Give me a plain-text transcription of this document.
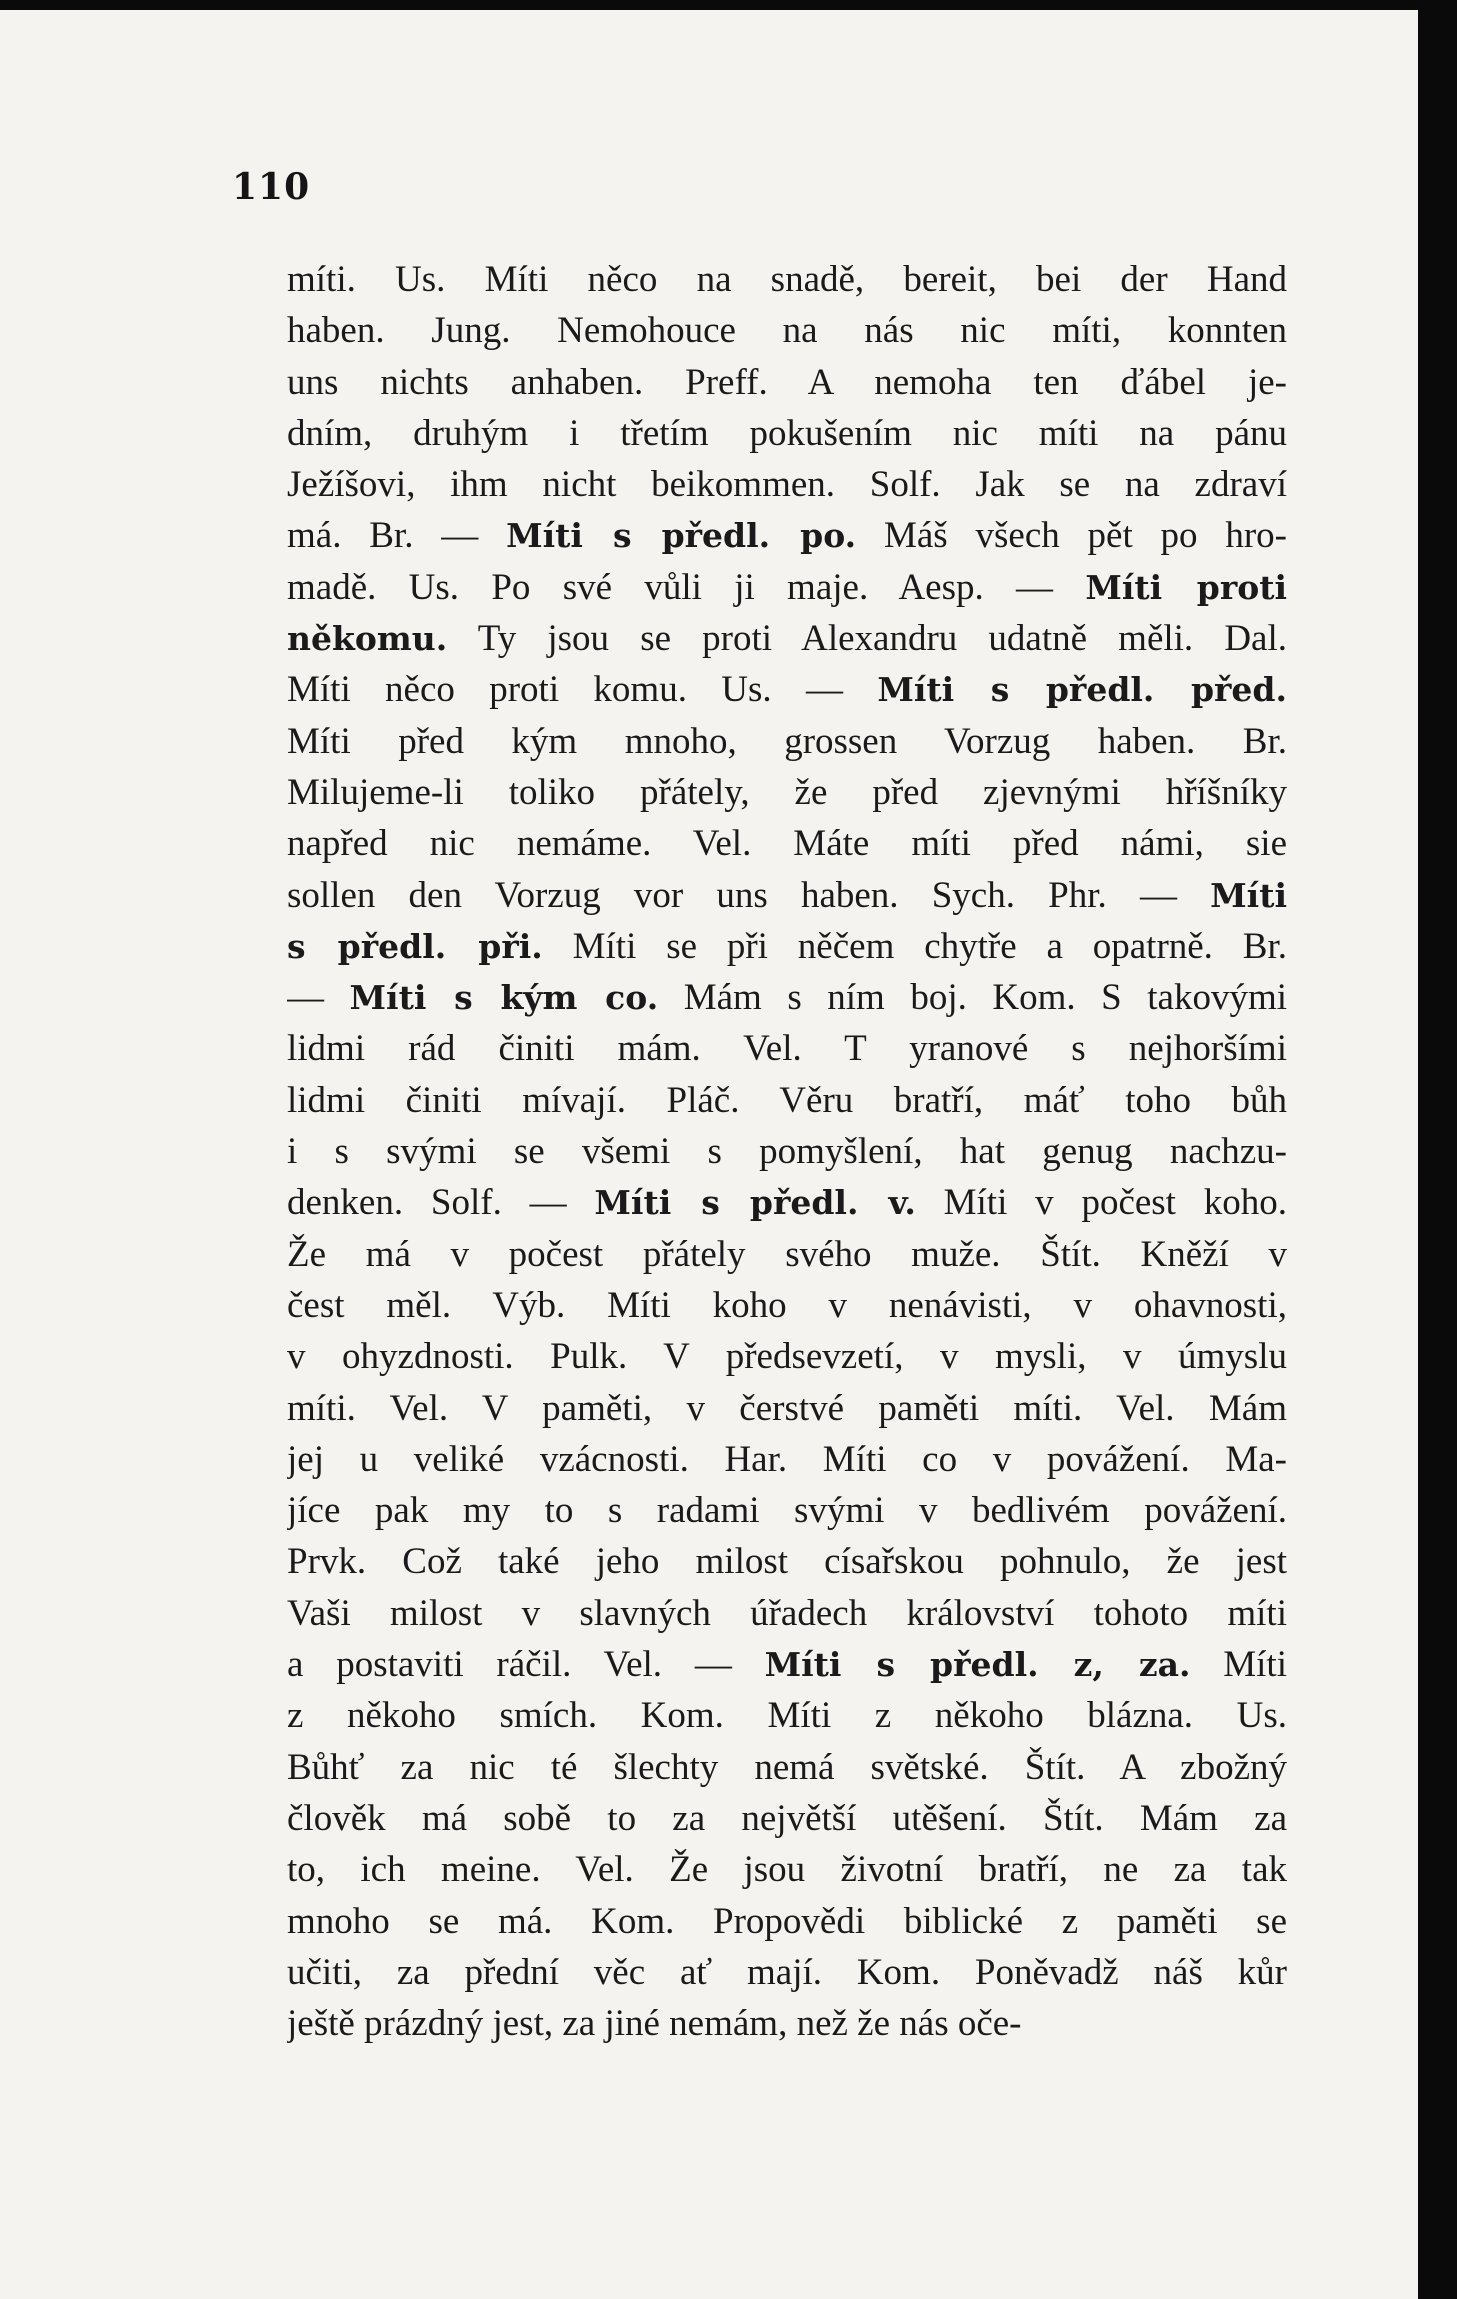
110
míti. Us. Míti něco na snadě, bereit, bei der Hand
haben. Jung. Nemohouce na nás nic míti, konnten
uns nichts anhaben. Preff. A nemoha ten ďábel je-
dním, druhým i třetím pokušením nic míti na pánu
Ježíšovi, ihm nicht beikommen. Solf. Jak se na zdraví
má. Br. — Míti s předl. po. Máš všech pět po hro-
madě. Us. Po své vůli ji maje. Aesp. — Míti proti
někomu. Ty jsou se proti Alexandru udatně měli. Dal.
Míti něco proti komu. Us. — Míti s předl. před.
Míti před kým mnoho, grossen Vorzug haben. Br.
Milujeme-li toliko přátely, že před zjevnými hříšníky
napřed nic nemáme. Vel. Máte míti před námi, sie
sollen den Vorzug vor uns haben. Sych. Phr. — Míti
s předl. při. Míti se při něčem chytře a opatrně. Br.
— Míti s kým co. Mám s ním boj. Kom. S takovými
lidmi rád činiti mám. Vel. T yranové s nejhoršími
lidmi činiti mívají. Pláč. Věru bratří, máť toho bůh
i s svými se všemi s pomyšlení, hat genug nachzu-
denken. Solf. — Míti s předl. v. Míti v počest koho.
Že má v počest přátely svého muže. Štít. Kněží v
čest měl. Výb. Míti koho v nenávisti, v ohavnosti,
v ohyzdnosti. Pulk. V předsevzetí, v mysli, v úmyslu
míti. Vel. V paměti, v čerstvé paměti míti. Vel. Mám
jej u veliké vzácnosti. Har. Míti co v povážení. Ma-
jíce pak my to s radami svými v bedlivém povážení.
Prvk. Což také jeho milost císařskou pohnulo, že jest
Vaši milost v slavných úřadech království tohoto míti
a postaviti ráčil. Vel. — Míti s předl. z, za. Míti
z někoho smích. Kom. Míti z někoho blázna. Us.
Bůhť za nic té šlechty nemá světské. Štít. A zbožný
člověk má sobě to za největší utěšení. Štít. Mám za
to, ich meine. Vel. Že jsou životní bratří, ne za tak
mnoho se má. Kom. Propovědi biblické z paměti se
učiti, za přední věc ať mají. Kom. Poněvadž náš kůr
ještě prázdný jest, za jiné nemám, než že nás oče-
